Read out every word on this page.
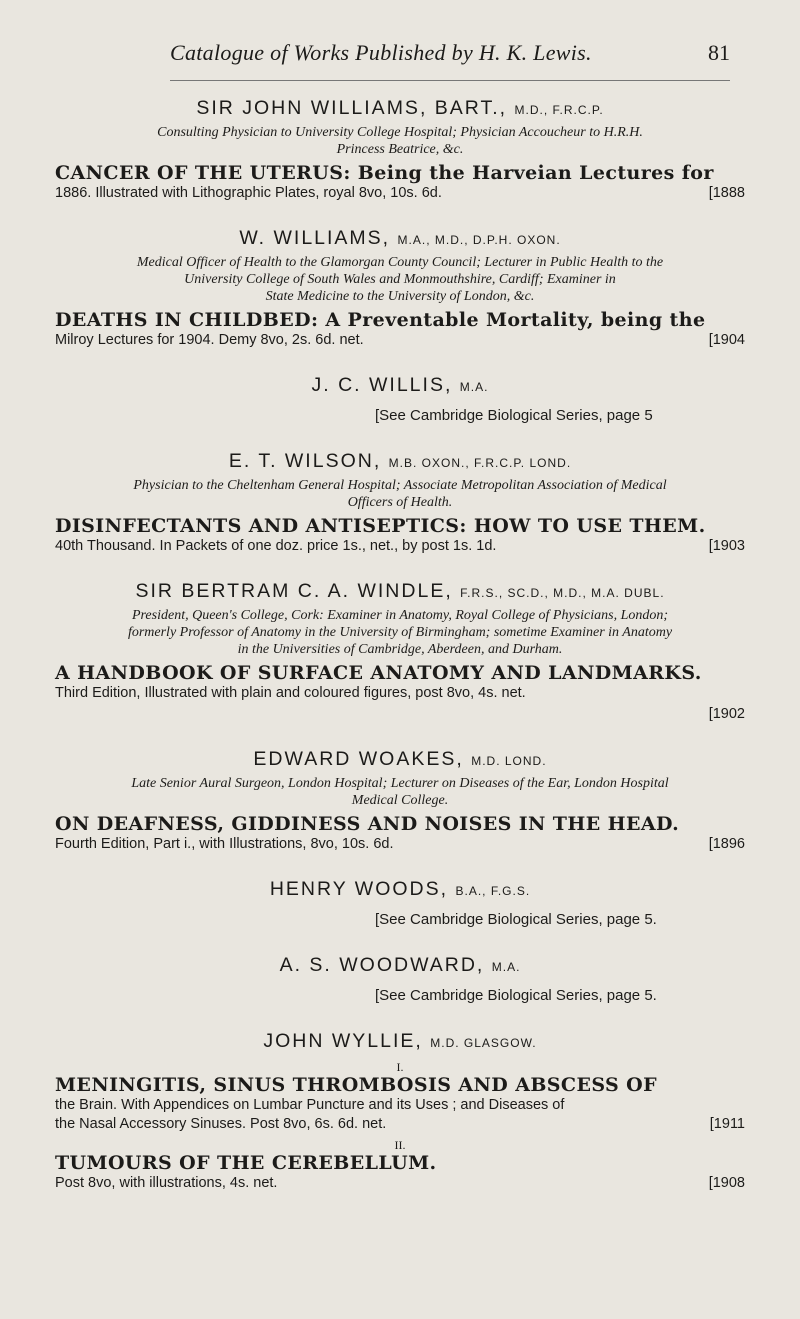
Catalogue of Works Published by H. K. Lewis.	81
SIR JOHN WILLIAMS, BART., M.D., F.R.C.P.
Consulting Physician to University College Hospital; Physician Accoucheur to H.R.H.
Princess Beatrice, &c.
CANCER OF THE UTERUS: Being the Harveian Lectures for
1886. Illustrated with Lithographic Plates, royal 8vo, 10s. 6d.	[1888
W. WILLIAMS, M.A., M.D., D.P.H. OXON.
Medical Officer of Health to the Glamorgan County Council; Lecturer in Public Health to the
University College of South Wales and Monmouthshire, Cardiff; Examiner in
State Medicine to the University of London, &c.
DEATHS IN CHILDBED: A Preventable Mortality, being the
Milroy Lectures for 1904. Demy 8vo, 2s. 6d. net.	[1904
J. C. WILLIS, M.A.
[See Cambridge Biological Series, page 5
E. T. WILSON, M.B. OXON., F.R.C.P. LOND.
Physician to the Cheltenham General Hospital; Associate Metropolitan Association of Medical
Officers of Health.
DISINFECTANTS AND ANTISEPTICS: HOW TO USE THEM.
40th Thousand. In Packets of one doz. price 1s., net., by post 1s. 1d.	[1903
SIR BERTRAM C. A. WINDLE, F.R.S., SC.D., M.D., M.A. DUBL.
President, Queen's College, Cork: Examiner in Anatomy, Royal College of Physicians, London;
formerly Professor of Anatomy in the University of Birmingham; sometime Examiner in Anatomy
in the Universities of Cambridge, Aberdeen, and Durham.
A HANDBOOK OF SURFACE ANATOMY AND LANDMARKS.
Third Edition, Illustrated with plain and coloured figures, post 8vo, 4s. net.
[1902
EDWARD WOAKES, M.D. LOND.
Late Senior Aural Surgeon, London Hospital; Lecturer on Diseases of the Ear, London Hospital
Medical College.
ON DEAFNESS, GIDDINESS AND NOISES IN THE HEAD.
Fourth Edition, Part i., with Illustrations, 8vo, 10s. 6d.	[1896
HENRY WOODS, B.A., F.G.S.
[See Cambridge Biological Series, page 5.
A. S. WOODWARD, M.A.
[See Cambridge Biological Series, page 5.
JOHN WYLLIE, M.D. GLASGOW.
I.
MENINGITIS, SINUS THROMBOSIS AND ABSCESS OF
the Brain. With Appendices on Lumbar Puncture and its Uses ; and Diseases of
the Nasal Accessory Sinuses. Post 8vo, 6s. 6d. net.	[1911
II.
TUMOURS OF THE CEREBELLUM.
Post 8vo, with illustrations, 4s. net.	[1908
